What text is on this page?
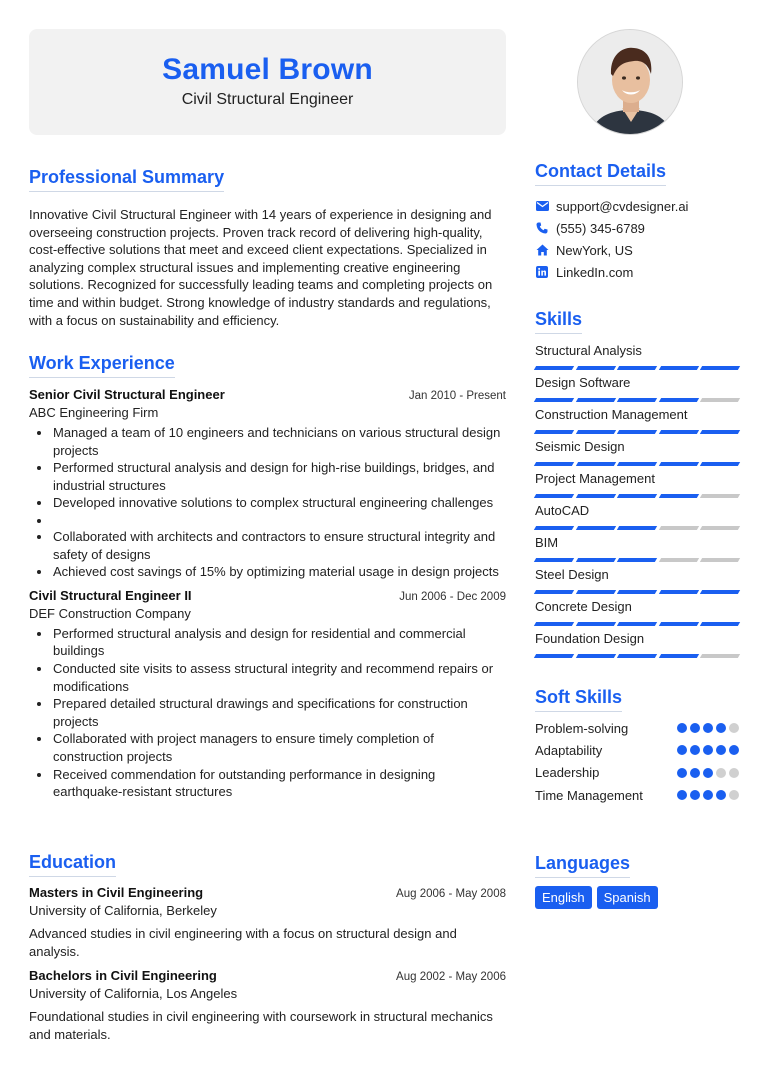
Samuel Brown
Civil Structural Engineer
Professional Summary

Innovative Civil Structural Engineer with 14 years of experience in designing and overseeing construction projects. Proven track record of delivering high-quality, cost-effective solutions that meet and exceed client expectations. Specialized in analyzing complex structural issues and implementing creative engineering solutions. Recognized for successfully leading teams and completing projects on time and within budget. Strong knowledge of industry standards and regulations, with a focus on sustainability and efficiency.

Work Experience
Senior Civil Structural Engineer	Jan 2010 - Present
ABC Engineering Firm
Managed a team of 10 engineers and technicians on various structural design projects
Performed structural analysis and design for high-rise buildings, bridges, and industrial structures
Developed innovative solutions to complex structural engineering challenges
Collaborated with architects and contractors to ensure structural integrity and safety of designs
Achieved cost savings of 15% by optimizing material usage in design projects
Civil Structural Engineer II	Jun 2006 - Dec 2009
DEF Construction Company
Performed structural analysis and design for residential and commercial buildings
Conducted site visits to assess structural integrity and recommend repairs or modifications
Prepared detailed structural drawings and specifications for construction projects
Collaborated with project managers to ensure timely completion of construction projects
Received commendation for outstanding performance in designing earthquake-resistant structures
Education
Masters in Civil Engineering	Aug 2006 - May 2008
University of California, Berkeley

Advanced studies in civil engineering with a focus on structural design and analysis.

Bachelors in Civil Engineering	Aug 2002 - May 2006
University of California, Los Angeles

Foundational studies in civil engineering with coursework in structural mechanics and materials.

Contact Details
support@cvdesigner.ai
(555) 345-6789
NewYork, US
LinkedIn.com
Skills
Structural Analysis
Design Software
Construction Management
Seismic Design
Project Management
AutoCAD
BIM
Steel Design
Concrete Design
Foundation Design
Soft Skills
Problem-solving
Adaptability
Leadership
Time Management
Languages
English	Spanish
